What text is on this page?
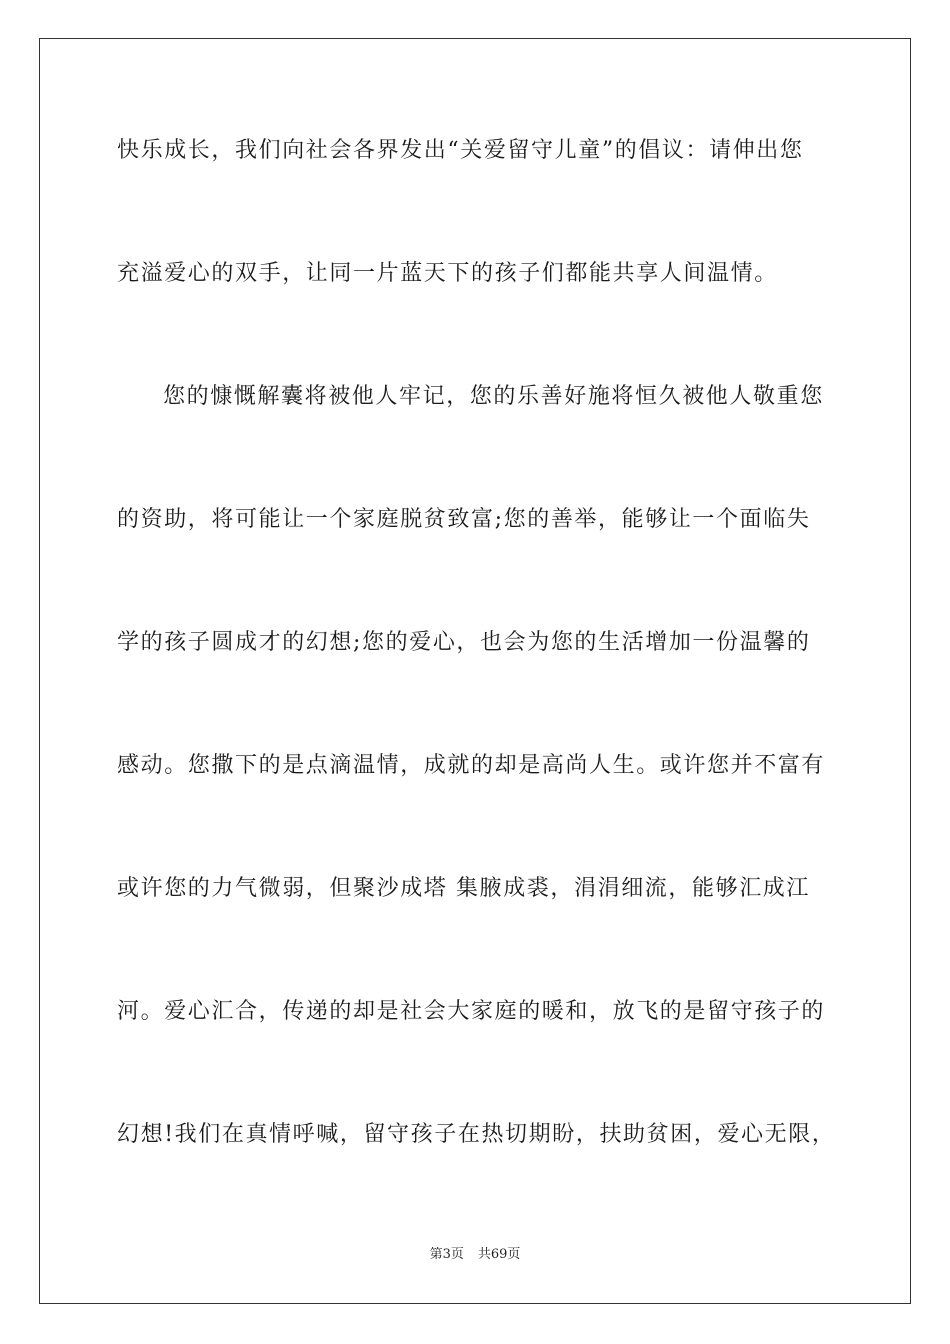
快乐成长，我们向社会各界发出“关爱留守儿童”的倡议：请伸出您
充溢爱心的双手，让同一片蓝天下的孩子们都能共享人间温情。
您的慷慨解囊将被他人牢记，您的乐善好施将恒久被他人敬重您
的资助，将可能让一个家庭脱贫致富;您的善举，能够让一个面临失
学的孩子圆成才的幻想;您的爱心，也会为您的生活增加一份温馨的
感动。您撒下的是点滴温情，成就的却是高尚人生。或许您并不富有
或许您的力气微弱，但聚沙成塔 集腋成裘，涓涓细流，能够汇成江
河。爱心汇合，传递的却是社会大家庭的暖和，放飞的是留守孩子的
幻想!我们在真情呼喊，留守孩子在热切期盼，扶助贫困，爱心无限，
第3页 共69页
